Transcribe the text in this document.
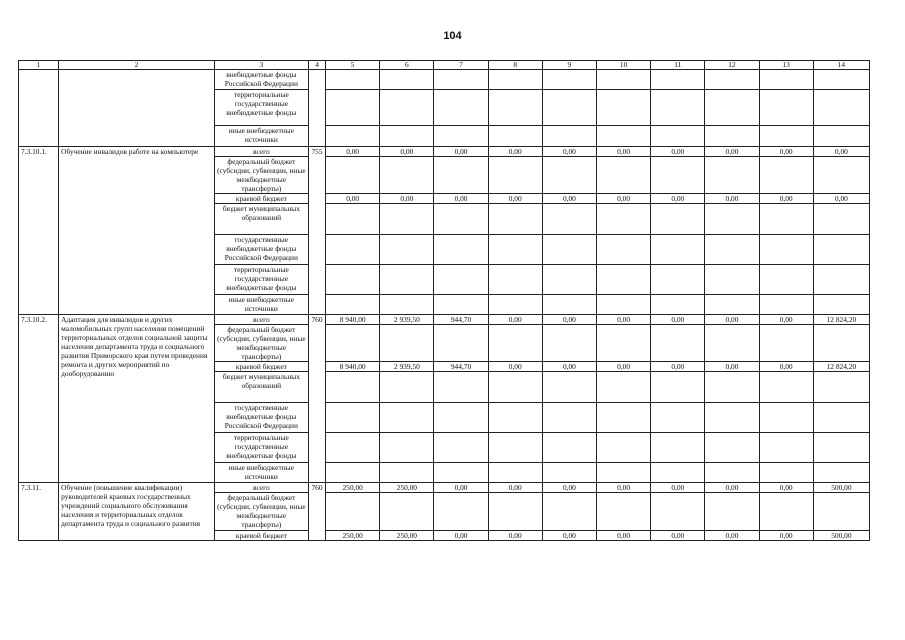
104
1	2	3	4	5	6	7	8	9	10	11	12	13	14
		внебюджетные фонды Российской Федерации											
		территориальные государственные внебюджетные фонды											
		иные внебюджетные источники											
7.3.10.1.	Обучение инвалидов работе на компьютере	всего	755	0,00	0,00	0,00	0,00	0,00	0,00	0,00	0,00	0,00	0,00
		федеральный бюджет (субсидии, субвенции, иные межбюджетные трансферты)											
		краевой бюджет		0,00	0,00	0,00	0,00	0,00	0,00	0,00	0,00	0,00	0,00
		бюджет муниципальных образований											
		государственные внебюджетные фонды Российской Федерации											
		территориальные государственные внебюджетные фонды											
		иные внебюджетные источники											
7.3.10.2.	Адаптация для инвалидов и других маломобильных групп населения помещений территориальных отделов социальной защиты населения департамента труда и социального развития Приморского края путем проведения ремонта и других мероприятий по дооборудованию	всего	760	8 940,00	2 939,50	944,70	0,00	0,00	0,00	0,00	0,00	0,00	12 824,20
		федеральный бюджет (субсидии, субвенции, иные межбюджетные трансферты)											
		краевой бюджет		8 940,00	2 939,50	944,70	0,00	0,00	0,00	0,00	0,00	0,00	12 824,20
		бюджет муниципальных образований											
		государственные внебюджетные фонды Российской Федерации											
		территориальные государственные внебюджетные фонды											
		иные внебюджетные источники											
7.3.11.	Обучение (повышение квалификации) руководителей краевых государственных учреждений социального обслуживания населения и территориальных отделов департамента труда и социального развития	всего	760	250,00	250,00	0,00	0,00	0,00	0,00	0,00	0,00	0,00	500,00
		федеральный бюджет (субсидии, субвенции, иные межбюджетные трансферты)											
		краевой бюджет		250,00	250,00	0,00	0,00	0,00	0,00	0,00	0,00	0,00	500,00
